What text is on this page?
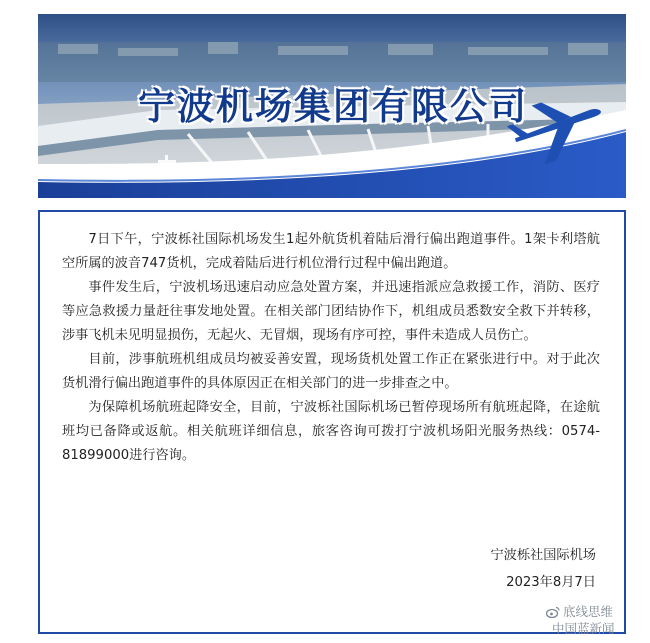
宁波机场集团有限公司

7日下午，宁波栎社国际机场发生1起外航货机着陆后滑行偏出跑道事件。1架卡利塔航空所属的波音747货机，完成着陆后进行机位滑行过程中偏出跑道。

事件发生后，宁波机场迅速启动应急处置方案，并迅速指派应急救援工作，消防、医疗等应急救援力量赶往事发地处置。在相关部门团结协作下，机组成员悉数安全救下并转移，涉事飞机未见明显损伤，无起火、无冒烟，现场有序可控，事件未造成人员伤亡。

目前，涉事航班机组成员均被妥善安置，现场货机处置工作正在紧张进行中。对于此次货机滑行偏出跑道事件的具体原因正在相关部门的进一步排查之中。

为保障机场航班起降安全，目前，宁波栎社国际机场已暂停现场所有航班起降，在途航班均已备降或返航。相关航班详细信息，旅客咨询可拨打宁波机场阳光服务热线：0574-81899000进行咨询。

宁波栎社国际机场
2023年8月7日
底线思维
中国蓝新闻
